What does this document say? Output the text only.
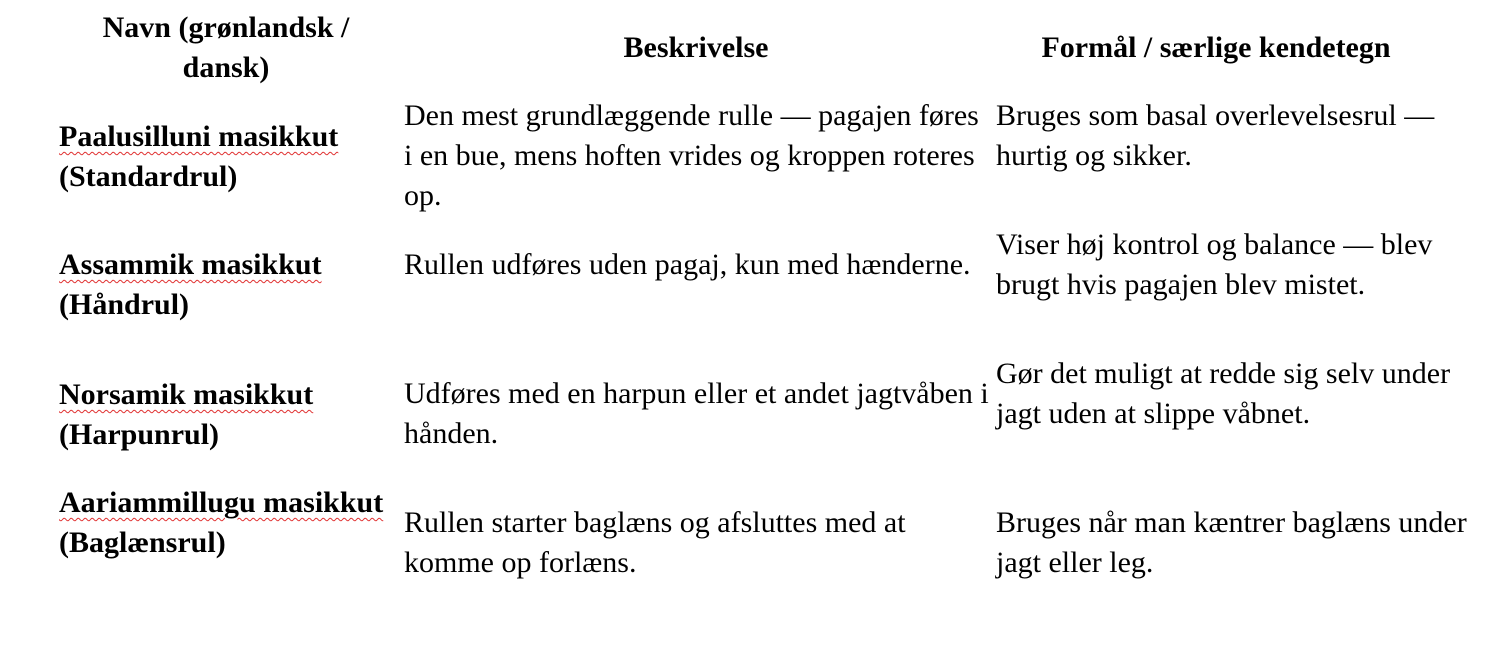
Navn (grønlandsk / dansk)
Beskrivelse	Formål / særlige kendetegn
Paalusilluni masikkut
(Standardrul)
Den mest grundlæggende rulle — pagajen føres i en bue, mens hoften vrides og kroppen roteres op.
Bruges som basal overlevelsesrul — hurtig og sikker.
Assammik masikkut
(Håndrul)
Rullen udføres uden pagaj, kun med hænderne.
Viser høj kontrol og balance — blev brugt hvis pagajen blev mistet.
Norsamik masikkut
(Harpunrul)
Udføres med en harpun eller et andet jagtvåben i hånden.
Gør det muligt at redde sig selv under jagt uden at slippe våbnet.
Aariammillugu masikkut
(Baglænsrul)
Rullen starter baglæns og afsluttes med at komme op forlæns.
Bruges når man kæntrer baglæns under jagt eller leg.
